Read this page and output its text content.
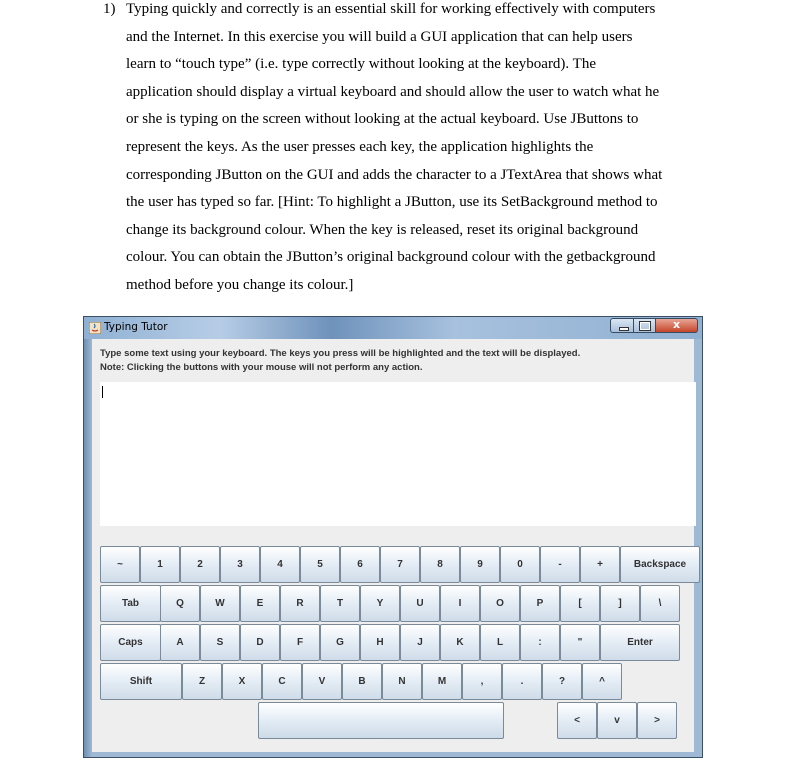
1) Typing quickly and correctly is an essential skill for working effectively with computers
and the Internet. In this exercise you will build a GUI application that can help users
learn to “touch type” (i.e. type correctly without looking at the keyboard). The
application should display a virtual keyboard and should allow the user to watch what he
or she is typing on the screen without looking at the actual keyboard. Use JButtons to
represent the keys. As the user presses each key, the application highlights the
corresponding JButton on the GUI and adds the character to a JTextArea that shows what
the user has typed so far. [Hint: To highlight a JButton, use its SetBackground method to
change its background colour. When the key is released, reset its original background
colour. You can obtain the JButton’s original background colour with the getbackground
method before you change its colour.]
Typing Tutor	x
Type some text using your keyboard. The keys you press will be highlighted and the text will be displayed.
Note: Clicking the buttons with your mouse will not perform any action.
~	1	2	3	4	5	6	7	8	9	0	-	+	Backspace
Tab	Q	W	E	R	T	Y	U	I	O	P	[	]	\
Caps	A	S	D	F	G	H	J	K	L	:	"	Enter
Shift	Z	X	C	V	B	N	M	,	.	?	^
<	v	>
